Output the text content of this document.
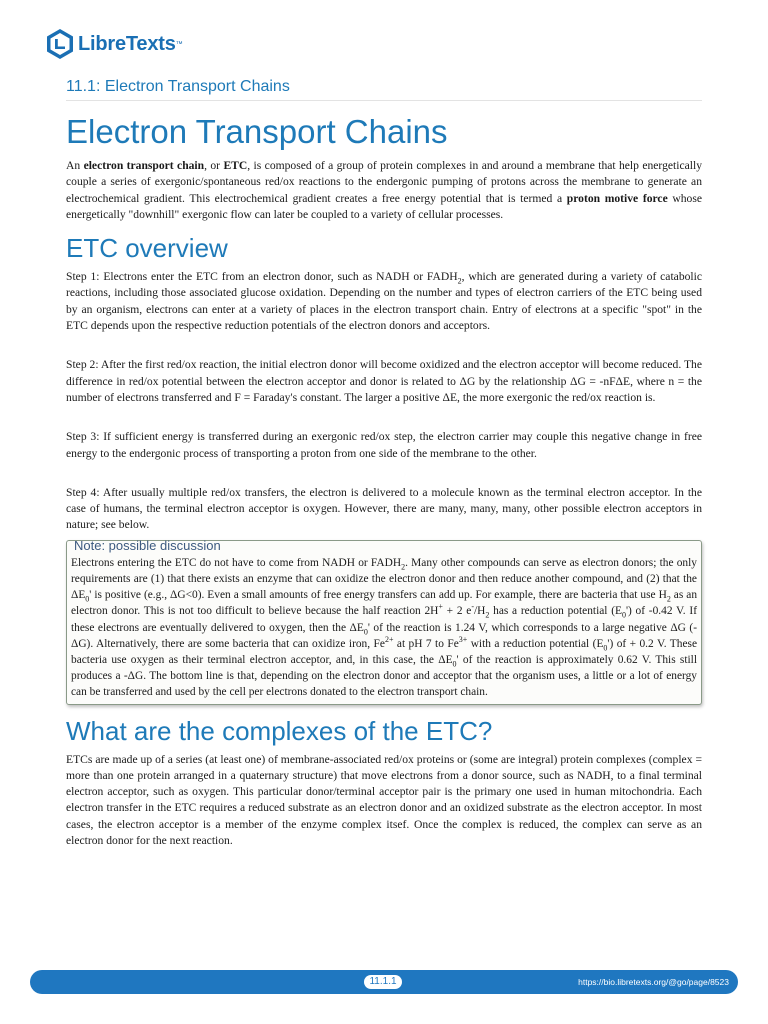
LibreTexts ™
11.1: Electron Transport Chains
Electron Transport Chains

An electron transport chain, or ETC, is composed of a group of protein complexes in and around a membrane that help energetically couple a series of exergonic/spontaneous red/ox reactions to the endergonic pumping of protons across the membrane to generate an electrochemical gradient. This electrochemical gradient creates a free energy potential that is termed a proton motive force whose energetically "downhill" exergonic flow can later be coupled to a variety of cellular processes.

ETC overview

Step 1: Electrons enter the ETC from an electron donor, such as NADH or $FADH_2$, which are generated during a variety of catabolic reactions, including those associated glucose oxidation. Depending on the number and types of electron carriers of the ETC being used by an organism, electrons can enter at a variety of places in the electron transport chain. Entry of electrons at a specific "spot" in the ETC depends upon the respective reduction potentials of the electron donors and acceptors.

Step 2: After the first red/ox reaction, the initial electron donor will become oxidized and the electron acceptor will become reduced. The difference in red/ox potential between the electron acceptor and donor is related to ΔG by the relationship ΔG = -nFΔE, where n = the number of electrons transferred and F = Faraday's constant. The larger a positive ΔE, the more exergonic the red/ox reaction is.

Step 3: If sufficient energy is transferred during an exergonic red/ox step, the electron carrier may couple this negative change in free energy to the endergonic process of transporting a proton from one side of the membrane to the other.

Step 4: After usually multiple red/ox transfers, the electron is delivered to a molecule known as the terminal electron acceptor. In the case of humans, the terminal electron acceptor is oxygen. However, there are many, many, many, other possible electron acceptors in nature; see below.

Note: possible discussion

Electrons entering the ETC do not have to come from NADH or $FADH_2$. Many other compounds can serve as electron donors; the only requirements are (1) that there exists an enzyme that can oxidize the electron donor and then reduce another compound, and (2) that the $\Delta E_0'$ is positive (e.g., ΔG<0). Even a small amounts of free energy transfers can add up. For example, there are bacteria that use $H_2$ as an electron donor. This is not too difficult to believe because the half reaction 2H+ + 2 $e^-/H_2$ has a reduction potential $(E_0')$ of -0.42 V. If these electrons are eventually delivered to oxygen, then the $\Delta E_0'$ of the reaction is 1.24 V, which corresponds to a large negative ΔG (-ΔG). Alternatively, there are some bacteria that can oxidize iron, $Fe^{2+}$ at pH 7 to $Fe^{3+}$ with a reduction potential $(E_0')$ of + 0.2 V. These bacteria use oxygen as their terminal electron acceptor, and, in this case, the $\Delta E_0'$ of the reaction is approximately 0.62 V. This still produces a -ΔG. The bottom line is that, depending on the electron donor and acceptor that the organism uses, a little or a lot of energy can be transferred and used by the cell per electrons donated to the electron transport chain.

What are the complexes of the ETC?

ETCs are made up of a series (at least one) of membrane-associated red/ox proteins or (some are integral) protein complexes (complex = more than one protein arranged in a quaternary structure) that move electrons from a donor source, such as NADH, to a final terminal electron acceptor, such as oxygen. This particular donor/terminal acceptor pair is the primary one used in human mitochondria. Each electron transfer in the ETC requires a reduced substrate as an electron donor and an oxidized substrate as the electron acceptor. In most cases, the electron acceptor is a member of the enzyme complex itsef. Once the complex is reduced, the complex can serve as an electron donor for the next reaction.

11.1.1	https://bio.libretexts.org/@go/page/8523
